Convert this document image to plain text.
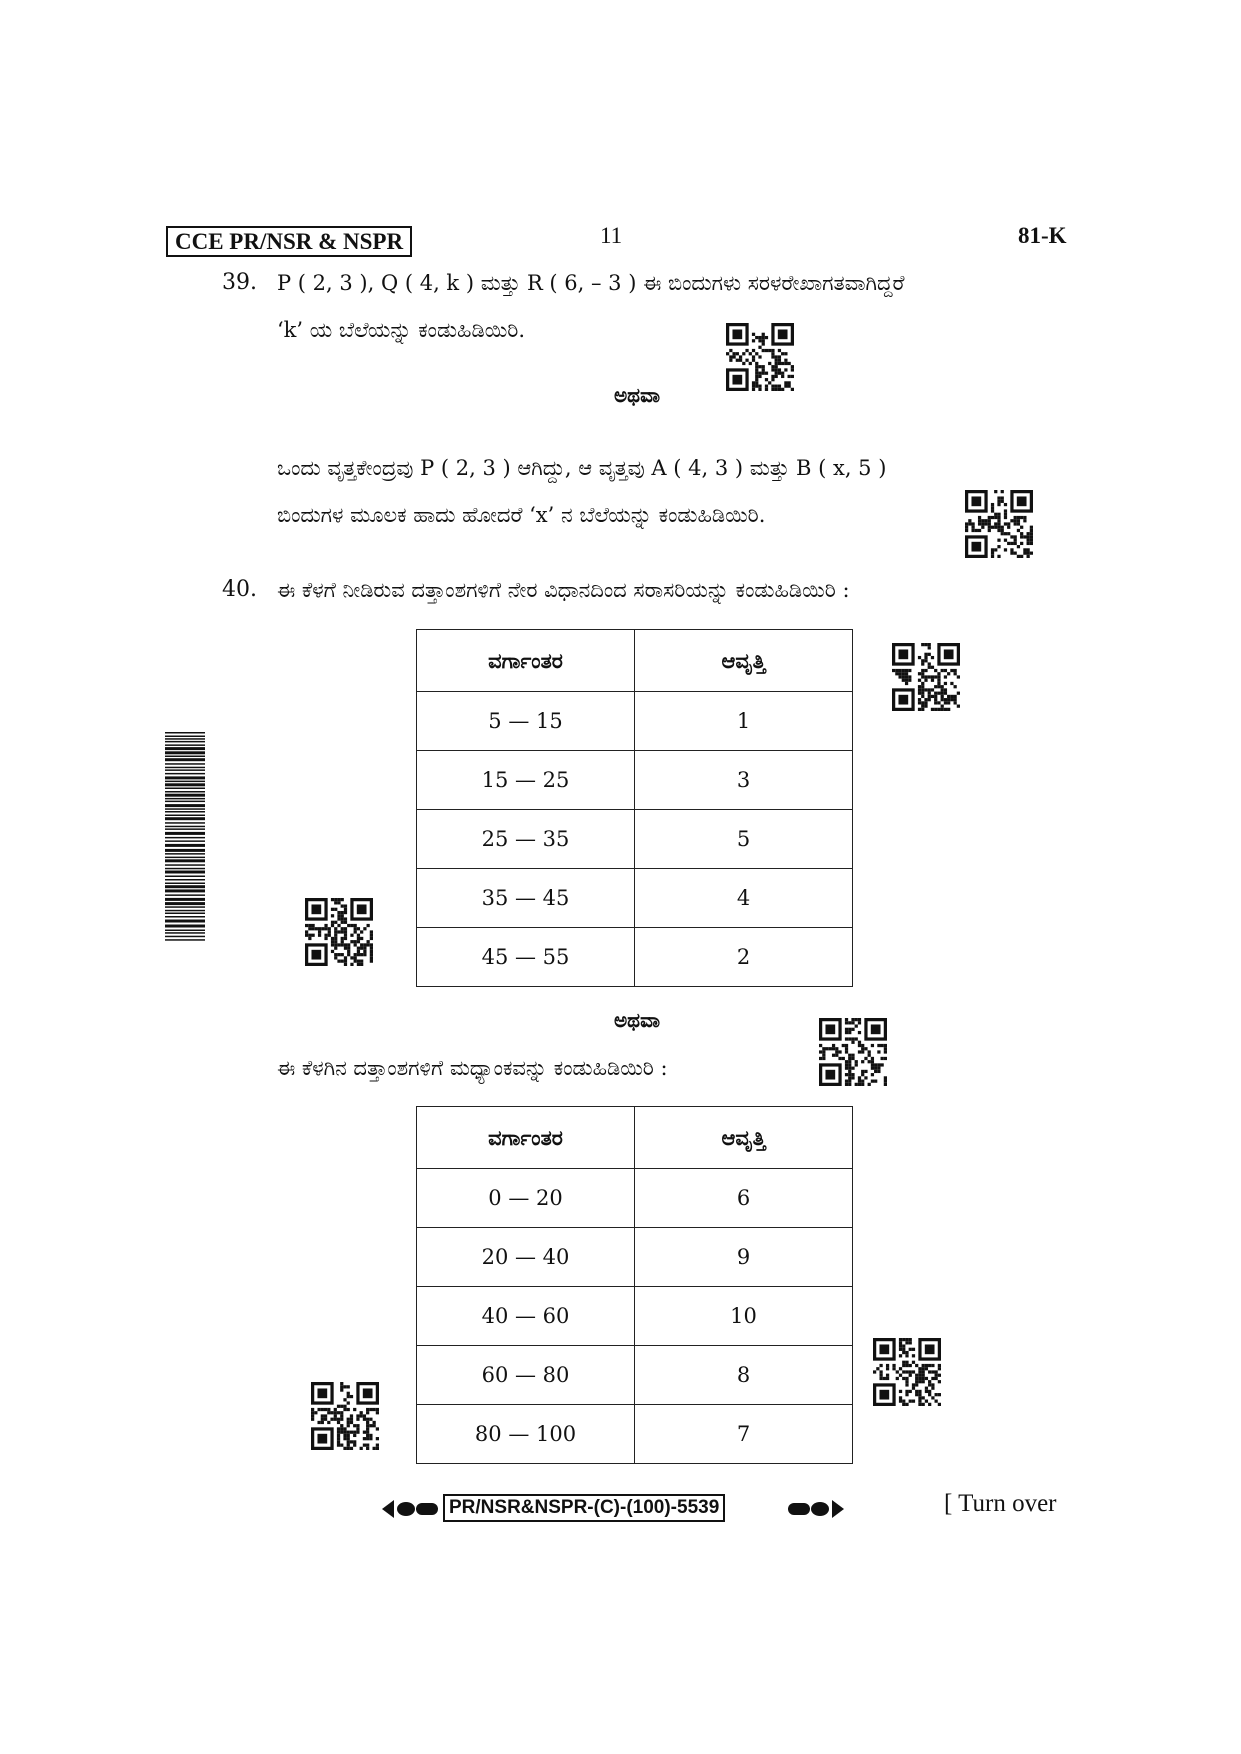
CCE PR/NSR & NSPR	11	81-K
39. P ( 2, 3 ), Q ( 4, k ) ಮತ್ತು R ( 6, – 3 ) ಈ ಬಿಂದುಗಳು ಸರಳರೇಖಾಗತವಾಗಿದ್ದರೆ
‘k’ ಯ ಬೆಲೆಯನ್ನು ಕಂಡುಹಿಡಿಯಿರಿ.
ಅಥವಾ
ಒಂದು ವೃತ್ತಕೇಂದ್ರವು P ( 2, 3 ) ಆಗಿದ್ದು, ಆ ವೃತ್ತವು A ( 4, 3 ) ಮತ್ತು B ( x, 5 )
ಬಿಂದುಗಳ ಮೂಲಕ ಹಾದು ಹೋದರೆ ‘x’ ನ ಬೆಲೆಯನ್ನು ಕಂಡುಹಿಡಿಯಿರಿ.
40. ಈ ಕೆಳಗೆ ನೀಡಿರುವ ದತ್ತಾಂಶಗಳಿಗೆ ನೇರ ವಿಧಾನದಿಂದ ಸರಾಸರಿಯನ್ನು ಕಂಡುಹಿಡಿಯಿರಿ :
ವರ್ಗಾಂತರ	ಆವೃತ್ತಿ
5 — 15	1
15 — 25	3
25 — 35	5
35 — 45	4
45 — 55	2
ಅಥವಾ
ಈ ಕೆಳಗಿನ ದತ್ತಾಂಶಗಳಿಗೆ ಮಧ್ಯಾಂಕವನ್ನು ಕಂಡುಹಿಡಿಯಿರಿ :
ವರ್ಗಾಂತರ	ಆವೃತ್ತಿ
0 — 20	6
20 — 40	9
40 — 60	10
60 — 80	8
80 — 100	7
PR/NSR&NSPR-(C)-(100)-5539	[ Turn over
